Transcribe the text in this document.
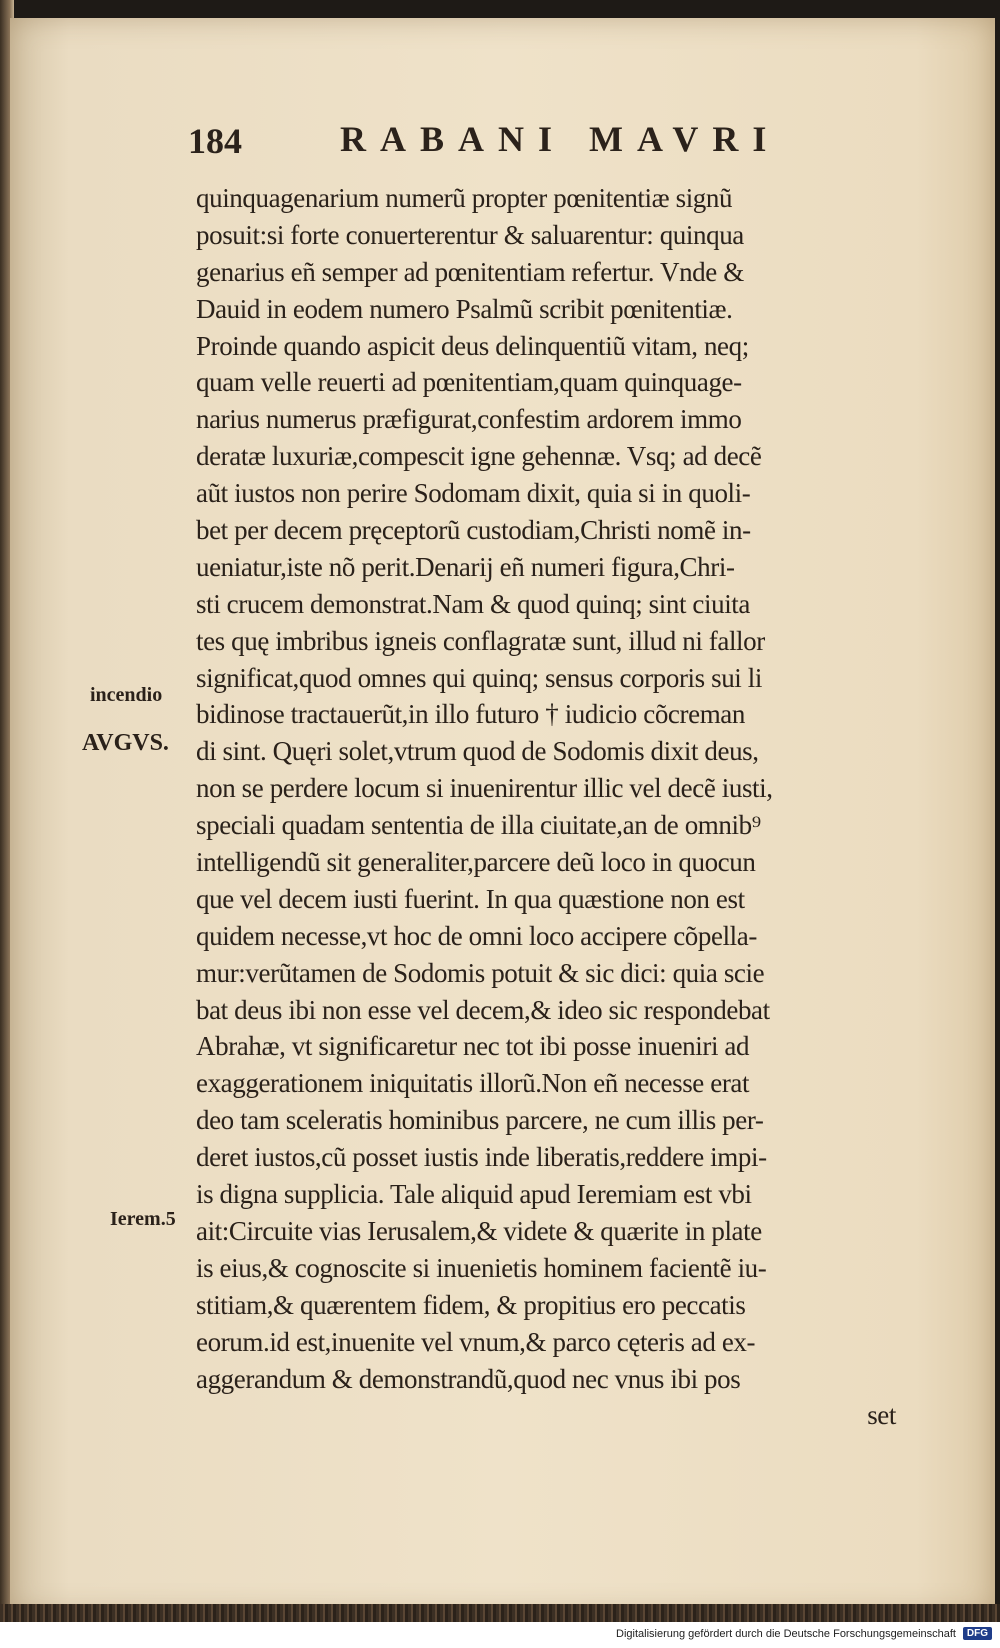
184	RABANI MAVRI
incendio
AVGVS.
Ierem.5
quinquagenarium numerũ propter pœnitentiæ signũ
posuit:si forte conuerterentur & saluarentur: quinqua
genarius eñ semper ad pœnitentiam refertur. Vnde &
Dauid in eodem numero Psalmũ scribit pœnitentiæ.
Proinde quando aspicit deus delinquentiũ vitam, neq;
quam velle reuerti ad pœnitentiam,quam quinquage-
narius numerus præfigurat,confestim ardorem immo
deratæ luxuriæ,compescit igne gehennæ. Vsq; ad decẽ
aũt iustos non perire Sodomam dixit, quia si in quoli-
bet per decem pręceptorũ custodiam,Christi nomẽ in-
ueniatur,iste nõ perit.Denarij eñ numeri figura,Chri-
sti crucem demonstrat.Nam & quod quinq; sint ciuita
tes quę imbribus igneis conflagratæ sunt, illud ni fallor
significat,quod omnes qui quinq; sensus corporis sui li
bidinose tractauerũt,in illo futuro † iudicio cõcreman
di sint. Quęri solet,vtrum quod de Sodomis dixit deus,
non se perdere locum si inuenirentur illic vel decẽ iusti,
speciali quadam sententia de illa ciuitate,an de omnib⁹
intelligendũ sit generaliter,parcere deũ loco in quocun
que vel decem iusti fuerint. In qua quæstione non est
quidem necesse,vt hoc de omni loco accipere cõpella-
mur:verũtamen de Sodomis potuit & sic dici: quia scie
bat deus ibi non esse vel decem,& ideo sic respondebat
Abrahæ, vt significaretur nec tot ibi posse inueniri ad
exaggerationem iniquitatis illorũ.Non eñ necesse erat
deo tam sceleratis hominibus parcere, ne cum illis per-
deret iustos,cũ posset iustis inde liberatis,reddere impi-
is digna supplicia. Tale aliquid apud Ieremiam est vbi
ait:Circuite vias Ierusalem,& videte & quærite in plate
is eius,& cognoscite si inuenietis hominem facientẽ iu-
stitiam,& quærentem fidem, & propitius ero peccatis
eorum.id est,inuenite vel vnum,& parco cęteris ad ex-
aggerandum & demonstrandũ,quod nec vnus ibi pos
set
Digitalisierung gefördert durch die Deutsche Forschungsgemeinschaft	DFG
